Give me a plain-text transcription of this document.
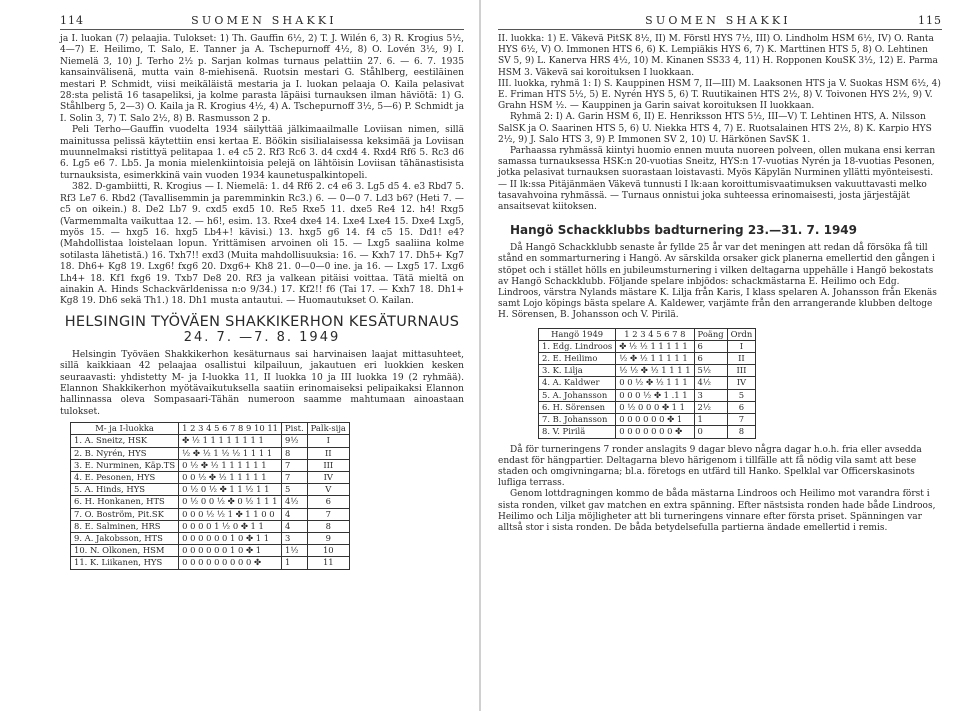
114	SUOMEN SHAKKI

ja I. luokan (7) pelaajia. Tulokset: 1) Th. Gauffin 6½, 2) T. J. Wilén 6, 3) R. Krogius 5½, 4—7) E. Heilimo, T. Salo, E. Tanner ja A. Tschepurnoff 4½, 8) O. Lovén 3½, 9) I. Niemelä 3, 10) J. Terho 2½ p. Sarjan kolmas turnaus pelattiin 27. 6. — 6. 7. 1935 kansainvälisenä, mutta vain 8-miehisenä. Ruotsin mestari G. Ståhlberg, eestiläinen mestari P. Schmidt, viisi meikäläistä mestaria ja I. luokan pelaaja O. Kaila pelasivat 28:sta pelistä 16 tasapeliksi, ja kolme parasta läpäisi turnauksen ilman häviötä: 1) G. Ståhlberg 5, 2—3) O. Kaila ja R. Krogius 4½, 4) A. Tschepurnoff 3½, 5—6) P. Schmidt ja I. Solin 3, 7) T. Salo 2½, 8) B. Rasmusson 2 p.

Peli Terho—Gauffin vuodelta 1934 säilyttää jälkimaailmalle Loviisan nimen, sillä mainitussa pelissä käytettiin ensi kertaa E. Böökin sisilialaisessa keksimää ja Loviisan muunnelmaksi ristittyä pelitapaa 1. e4 c5 2. Rf3 Rc6 3. d4 cxd4 4. Rxd4 Rf6 5. Rc3 d6 6. Lg5 e6 7. Lb5. Ja monia mielenkiintoisia pelejä on lähtöisin Loviisan tähänastisista turnauksista, esimerkkinä vain vuoden 1934 kaunetuspalkintopeli.

382. D-gambiitti, R. Krogius — I. Niemelä: 1. d4 Rf6 2. c4 e6 3. Lg5 d5 4. e3 Rbd7 5. Rf3 Le7 6. Rbd2 (Tavallisemmin ja paremminkin Rc3.) 6. — 0—0 7. Ld3 b6? (Heti 7. — c5 on oikein.) 8. De2 Lb7 9. cxd5 exd5 10. Re5 Rxe5 11. dxe5 Re4 12. h4! Rxg5 (Varmemmalta vaikuttaa 12. — h6!, esim. 13. Rxe4 dxe4 14. Lxe4 Lxe4 15. Dxe4 Lxg5, myös 15. — hxg5 16. hxg5 Lb4+! kävisi.) 13. hxg5 g6 14. f4 c5 15. Dd1! e4? (Mahdollistaa loistelaan lopun. Yrittämisen arvoinen oli 15. — Lxg5 saaliina kolme sotilasta lähetistä.) 16. Txh7!! exd3 (Muita mahdollisuuksia: 16. — Kxh7 17. Dh5+ Kg7 18. Dh6+ Kg8 19. Lxg6! fxg6 20. Dxg6+ Kh8 21. 0—0—0 ine. ja 16. — Lxg5 17. Lxg6 Lh4+ 18. Kf1 fxg6 19. Txb7 De8 20. Rf3 ja valkean pitäisi voittaa. Tätä mieltä on ainakin A. Hinds Schackvärldenissa n:o 9/34.) 17. Kf2!! f6 (Tai 17. — Kxh7 18. Dh1+ Kg8 19. Dh6 sekä Th1.) 18. Dh1 musta antautui. — Huomautukset O. Kailan.

HELSINGIN TYÖVÄEN SHAKKIKERHON KESÄTURNAUS
24. 7. —7. 8. 1949

Helsingin Työväen Shakkikerhon kesäturnaus sai harvinaisen laajat mittasuhteet, sillä kaikkiaan 42 pelaajaa osallistui kilpailuun, jakautuen eri luokkien kesken seuraavasti: yhdistetty M- ja I-luokka 11, II luokka 10 ja III luokka 19 (2 ryhmää). Elannon Shakkikerhon myötävaikutuksella saatiin erinomaiseksi pelipaikaksi Elannon hallinnassa oleva Sompasaari-Tähän numeroon saamme mahtumaan ainoastaan tulokset.

M- ja I-luokka	1 2 3 4 5 6 7 8 9 10 11	Pist.	Palk-sija
1. A. Sneitz, HSK	✤ ½ 1 1 1 1 1 1 1 1	9½	I
2. B. Nyrén, HYS	½ ✤ ½ 1 ½ ½ 1 1 1 1	8	II
3. E. Nurminen, Käp.TS	0 ½ ✤ ½ 1 1 1 1 1 1	7	III
4. E. Pesonen, HYS	0 0 ½ ✤ ½ 1 1 1 1 1	7	IV
5. A. Hinds, HYS	0 ½ 0 ½ ✤ 1 1 ½ 1 1	5	V
6. H. Honkanen, HTS	0 ½ 0 0 ½ ✤ 0 ½ 1 1 1	4½	6
7. O. Boström, Pit.SK	0 0 0 ½ ½ 1 ✤ 1 1 0 0	4	7
8. E. Salminen, HRS	0 0 0 0 1 ½ 0 ✤ 1 1	4	8
9. A. Jakobsson, HTS	0 0 0 0 0 0 1 0 ✤ 1 1	3	9
10. N. Olkonen, HSM	0 0 0 0 0 0 1 0 ✤ 1	1½	10
11. K. Liikanen, HYS	0 0 0 0 0 0 0 0 0 ✤	1	11
SUOMEN SHAKKI	115

II. luokka: 1) E. Väkevä PitSK 8½, II) M. Förstl HYS 7½, III) O. Lindholm HSM 6½, IV) O. Ranta HYS 6½, V) O. Immonen HTS 6, 6) K. Lempiäkis HYS 6, 7) K. Marttinen HTS 5, 8) O. Lehtinen SV 5, 9) L. Kanerva HRS 4½, 10) M. Kinanen SS33 4, 11) H. Ropponen KouSK 3½, 12) E. Parma HSM 3. Väkevä sai koroituksen I luokkaan.

III. luokka, ryhmä 1: I) S. Kauppinen HSM 7, II—III) M. Laaksonen HTS ja V. Suokas HSM 6½, 4) E. Friman HTS 5½, 5) E. Nyrén HYS 5, 6) T. Ruutikainen HTS 2½, 8) V. Toivonen HYS 2½, 9) V. Grahn HSM ½. — Kauppinen ja Garin saivat koroituksen II luokkaan.

Ryhmä 2: I) A. Garin HSM 6, II) E. Henriksson HTS 5½, III—V) T. Lehtinen HTS, A. Nilsson SalSK ja O. Saarinen HTS 5, 6) U. Niekka HTS 4, 7) E. Ruotsalainen HTS 2½, 8) K. Karpio HYS 2½, 9) J. Salo HTS 3, 9) P. Immonen SV 2, 10) U. Härkönen SavSK 1.

Parhaassa ryhmässä kiintyi huomio ennen muuta nuoreen polveen, ollen mukana ensi kerran samassa turnauksessa HSK:n 20-vuotias Sneitz, HYS:n 17-vuotias Nyrén ja 18-vuotias Pesonen, jotka pelasivat turnauksen suorastaan loistavasti. Myös Käpylän Nurminen yllätti myönteisesti. — II lk:ssa Pitäjänmäen Väkevä tunnusti I lk:aan koroittumisvaatimuksen vakuuttavasti melko tasavahvoina ryhmässä. — Turnaus onnistui joka suhteessa erinomaisesti, josta järjestäjät ansaitsevat kiitoksen.

Hangö Schackklubbs badturnering 23.—31. 7. 1949

Då Hangö Schackklubb senaste år fyllde 25 år var det meningen att redan då försöka få till stånd en sommarturnering i Hangö. Av särskilda orsaker gick planerna emellertid den gången i stöpet och i stället hölls en jubileumsturnering i vilken deltagarna uppehälle i Hangö bekostats av Hangö Schackklubb. Följande spelare inbjödos: schackmästarna E. Heilimo och Edg. Lindroos, värstra Nylands mästare K. Lilja från Karis, I klass spelaren A. Johansson från Ekenäs samt Lojo köpings bästa spelare A. Kaldewer, varjämte från den arrangerande klubben deltoge H. Sörensen, B. Johansson och V. Pirilä.

Hangö 1949	1 2 3 4 5 6 7 8	Poäng	Ordn
1. Edg. Lindroos	✤ ½ ½ 1 1 1 1 1	6	I
2. E. Heilimo	½ ✤ ½ 1 1 1 1 1	6	II
3. K. Lilja	½ ½ ✤ ½ 1 1 1 1	5½	III
4. A. Kaldwer	0 0 ½ ✤ ½ 1 1 1	4½	IV
5. A. Johansson	0 0 0 ½ ✤ 1 .1 1	3	5
6. H. Sörensen	0 ½ 0 0 0 ✤ 1 1	2½	6
7. B. Johansson	0 0 0 0 0 0 ✤ 1	1	7
8. V. Pirilä	0 0 0 0 0 0 0 ✤	0	8

Då för turneringens 7 ronder anslagits 9 dagar blevo några dagar h.o.h. fria eller avsedda endast för hängpartier. Deltagarna blevo härigenom i tillfälle att få nödig vila samt att bese staden och omgivningarna; bl.a. företogs en utfärd till Hanko. Spelklal var Officerskasinots lufliga terrass.

Genom lottdragningen kommo de båda mästarna Lindroos och Heilimo mot varandra först i sista ronden, vilket gav matchen en extra spänning. Efter nästsista ronden hade både Lindroos, Heilimo och Lilja möjligheter att bli turneringens vinnare efter första priset. Spänningen var alltså stor i sista ronden. De båda betydelsefulla partierna ändade emellertid i remis.
